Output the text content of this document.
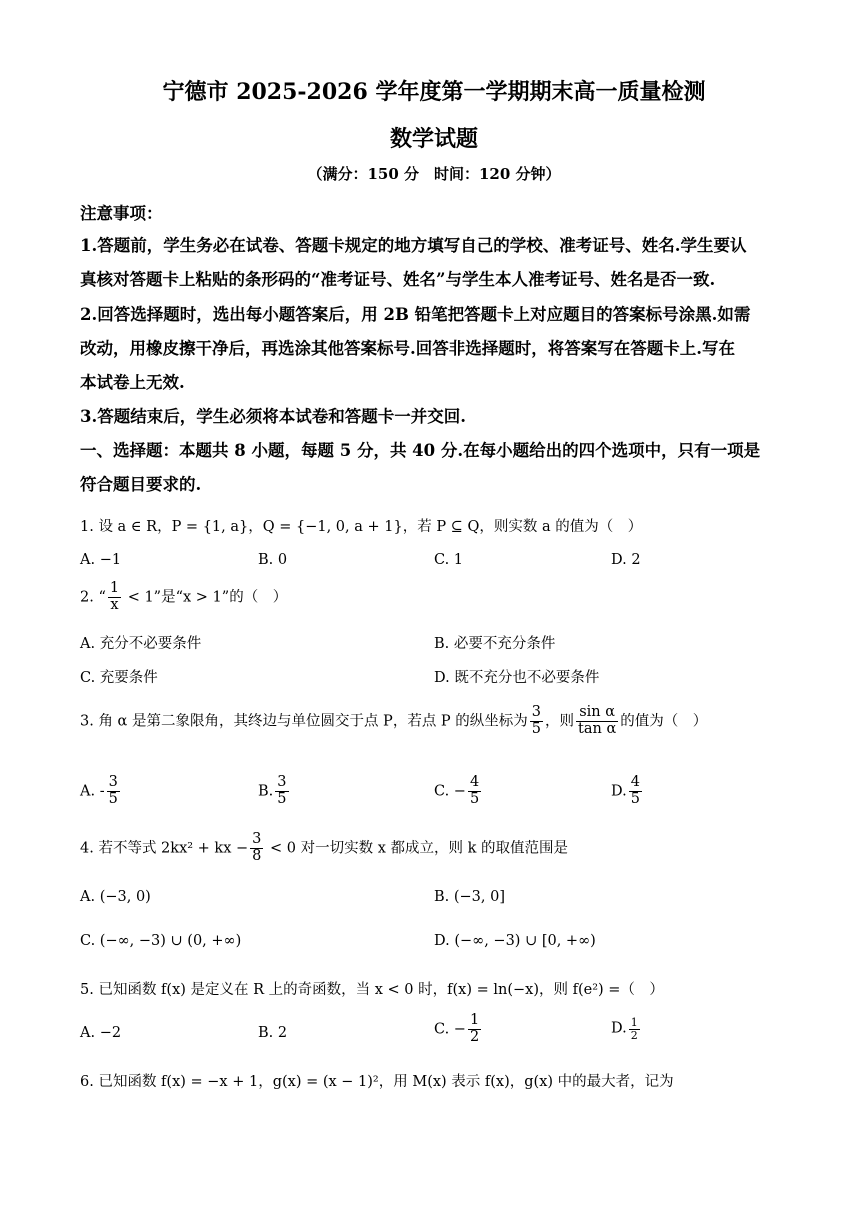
宁德市 2025-2026 学年度第一学期期末高一质量检测
数学试题
（满分：150 分　时间：120 分钟）
注意事项：
1.答题前，学生务必在试卷、答题卡规定的地方填写自己的学校、准考证号、姓名.学生要认
真核对答题卡上粘贴的条形码的“准考证号、姓名”与学生本人准考证号、姓名是否一致.
2.回答选择题时，选出每小题答案后，用 2B 铅笔把答题卡上对应题目的答案标号涂黑.如需
改动，用橡皮擦干净后，再选涂其他答案标号.回答非选择题时，将答案写在答题卡上.写在
本试卷上无效.
3.答题结束后，学生必须将本试卷和答题卡一并交回.
一、选择题：本题共 8 小题，每题 5 分，共 40 分.在每小题给出的四个选项中，只有一项是
符合题目要求的.
1. 设 a ∈ R，P = {1, a}，Q = {−1, 0, a + 1}，若 P ⊆ Q，则实数 a 的值为（　）
A. −1	B. 0	C. 1	D. 2
2. “ $\frac{1}{x} < 1$”是“x > 1”的（　）
A. 充分不必要条件	B. 必要不充分条件
C. 充要条件	D. 既不充分也不必要条件
3. 角 α 是第二象限角，其终边与单位圆交于点 P，若点 P 的纵坐标为 $\frac{3}{5}$ ，则 $\frac{\text{sin α}}{\text{tan α}}$ 的值为（　）
A. - $\frac{3}{5}$	B. $\frac{3}{5}$	C. − $\frac{4}{5}$	D. $\frac{4}{5}$
4. 若不等式 2kx² + kx − $\frac{3}{8} < 0$ 对一切实数 x 都成立，则 k 的取值范围是
A. (−3, 0)	B. (−3, 0]
C. (−∞, −3) ∪ (0, +∞)	D. (−∞, −3) ∪ [0, +∞)
5. 已知函数 f(x) 是定义在 R 上的奇函数，当 x < 0 时，f(x) = ln(−x)，则 f(e²) =（　）
A. −2	B. 2	C. − $\frac{1}{2}$	D. $\frac{1}{2}$
6. 已知函数 f(x) = −x + 1，g(x) = (x − 1)²，用 M(x) 表示 f(x)，g(x) 中的最大者，记为
